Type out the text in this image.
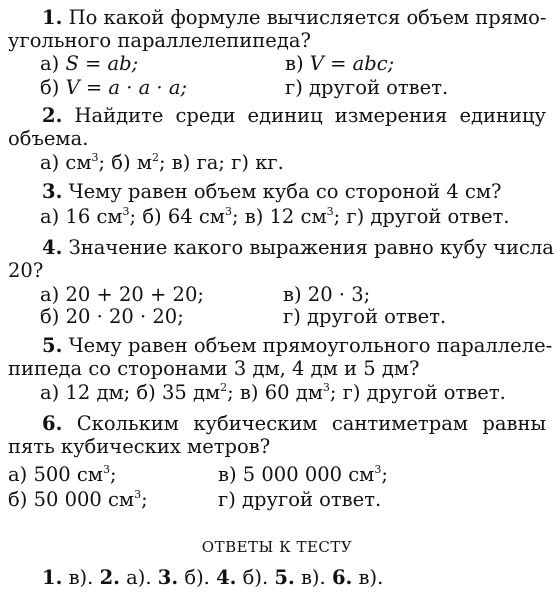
1. По какой формуле вычисляется объем прямо-
угольного параллелепипеда?
а) S = ab;	в) V = abc;
б) V = a · a · a;	г) другой ответ.
2. Найдите среди единиц измерения единицу
объема.
а) $см^3$; б) $м^2$; в) га; г) кг.
3. Чему равен объем куба со стороной 4 см?
а) 16 $см^3$; б) 64 $см^3$; в) 12 $см^3$; г) другой ответ.
4. Значение какого выражения равно кубу числа
20?
а) 20 + 20 + 20;	в) 20 · 3;
б) 20 · 20 · 20;	г) другой ответ.
5. Чему равен объем прямоугольного параллеле-
пипеда со сторонами 3 дм, 4 дм и 5 дм?
а) 12 дм; б) 35 $дм^2$; в) 60 $дм^3$; г) другой ответ.
6. Скольким кубическим сантиметрам равны
пять кубических метров?
а) 500 $см^3$;	в) 5 000 000 $см^3$;
б) 50 000 $см^3$;	г) другой ответ.
ОТВЕТЫ К ТЕСТУ
1. в). 2. а). 3. б). 4. б). 5. в). 6. в).
